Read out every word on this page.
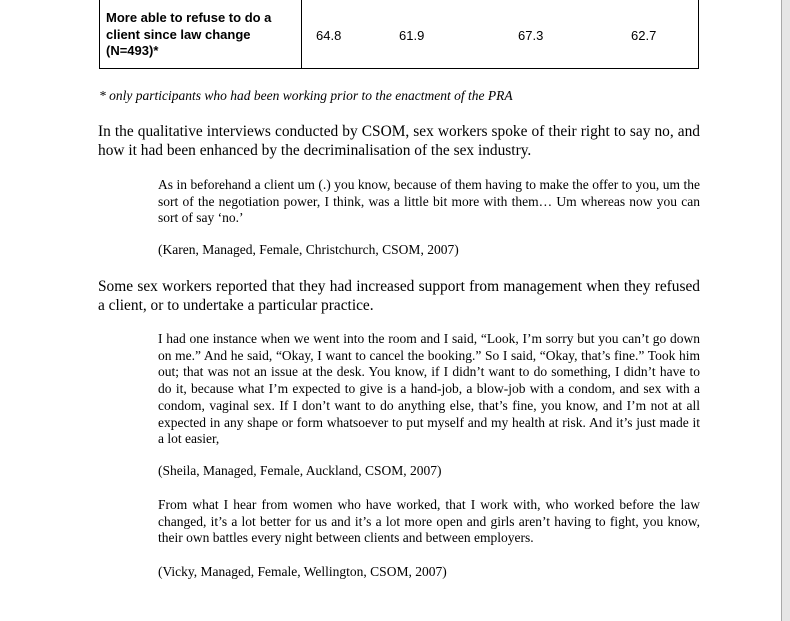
More able to refuse to do a
client since law change
(N=493)*
64.8	61.9	67.3	62.7
* only participants who had been working prior to the enactment of the PRA
In the qualitative interviews conducted by CSOM, sex workers spoke of their right to say no, and how it had been enhanced by the decriminalisation of the sex industry.
As in beforehand a client um (.) you know, because of them having to make the offer to you, um the sort of the negotiation power, I think, was a little bit more with them… Um whereas now you can sort of say ‘no.’
(Karen, Managed, Female, Christchurch, CSOM, 2007)
Some sex workers reported that they had increased support from management when they refused a client, or to undertake a particular practice.
I had one instance when we went into the room and I said, “Look, I’m sorry but you can’t go down on me.” And he said, “Okay, I want to cancel the booking.” So I said, “Okay, that’s fine.” Took him out; that was not an issue at the desk. You know, if I didn’t want to do something, I didn’t have to do it, because what I’m expected to give is a hand-job, a blow-job with a condom, and sex with a condom, vaginal sex. If I don’t want to do anything else, that’s fine, you know, and I’m not at all expected in any shape or form whatsoever to put myself and my health at risk. And it’s just made it a lot easier,
(Sheila, Managed, Female, Auckland, CSOM, 2007)
From what I hear from women who have worked, that I work with, who worked before the law changed, it’s a lot better for us and it’s a lot more open and girls aren’t having to fight, you know, their own battles every night between clients and between employers.
(Vicky, Managed, Female, Wellington, CSOM, 2007)
